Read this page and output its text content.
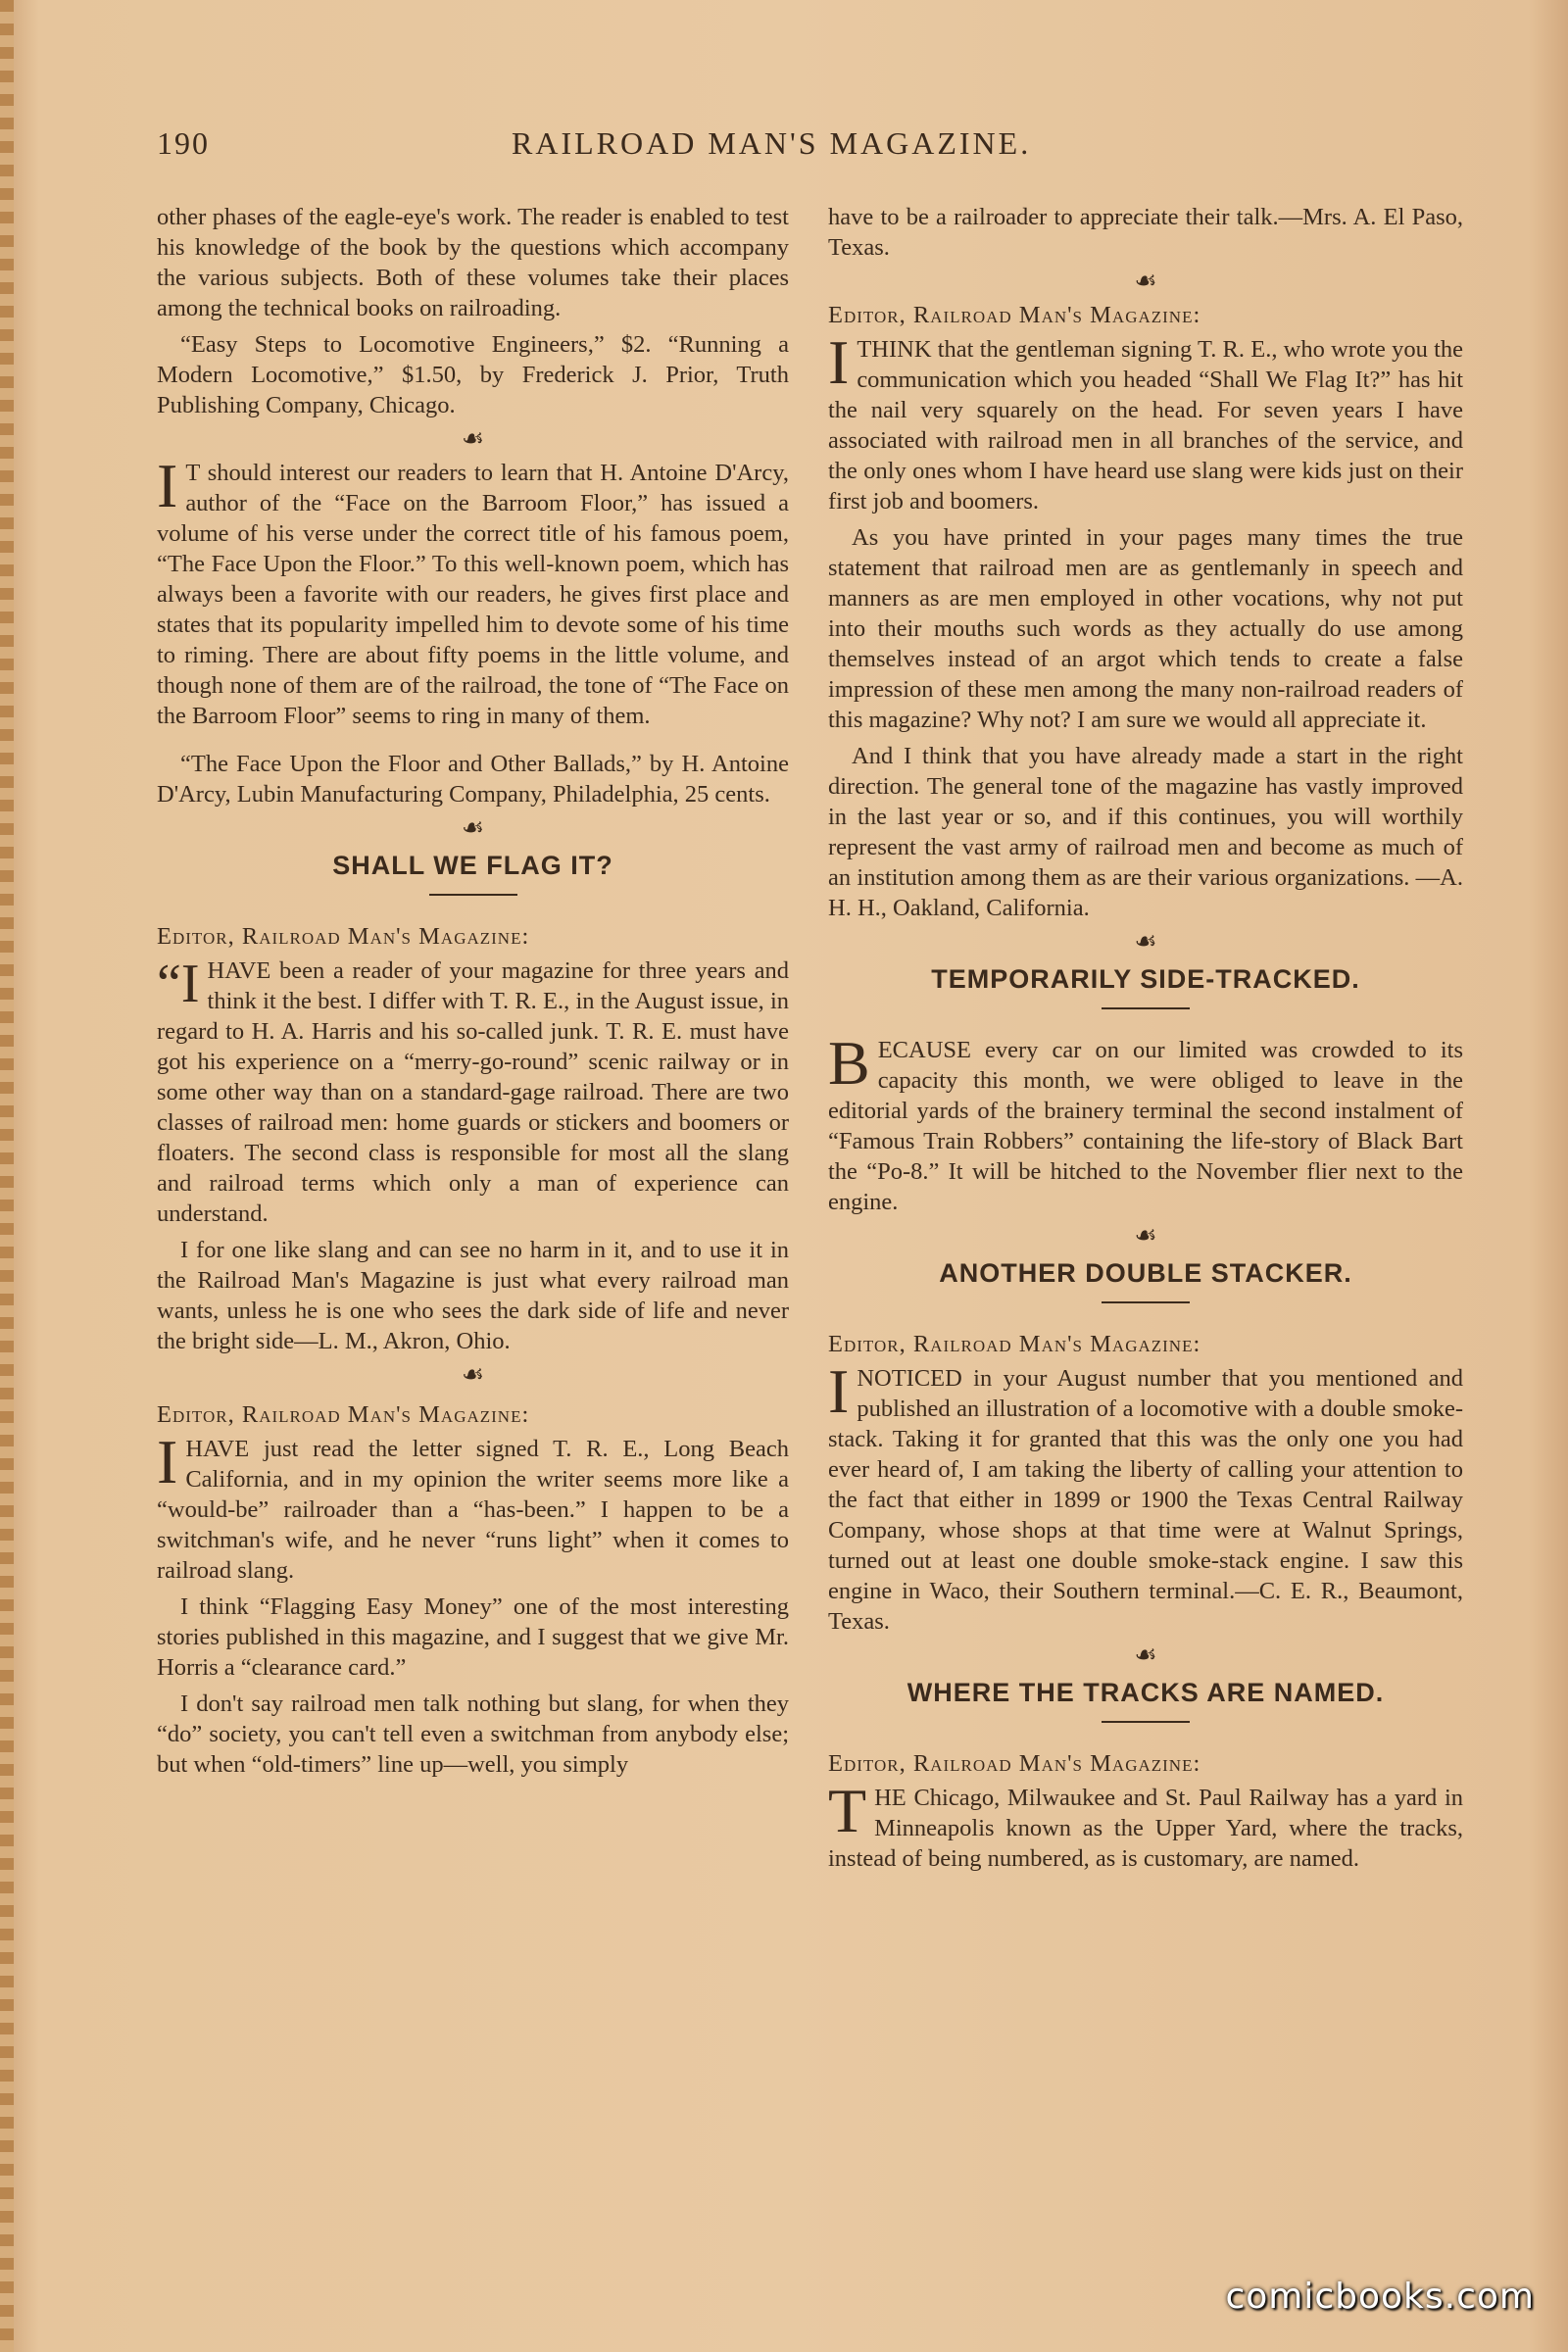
190	RAILROAD MAN'S MAGAZINE.

other phases of the eagle-eye's work. The reader is enabled to test his knowledge of the book by the questions which accompany the various subjects. Both of these volumes take their places among the technical books on railroading.

“Easy Steps to Locomotive Engineers,” $2. “Running a Modern Locomotive,” $1.50, by Frederick J. Prior, Truth Publishing Company, Chicago.

☙

I T should interest our readers to learn that H. Antoine D'Arcy, author of the “Face on the Barroom Floor,” has issued a volume of his verse under the correct title of his famous poem, “The Face Upon the Floor.” To this well-known poem, which has always been a favorite with our readers, he gives first place and states that its popularity impelled him to devote some of his time to riming. There are about fifty poems in the little volume, and though none of them are of the railroad, the tone of “The Face on the Barroom Floor” seems to ring in many of them.

“The Face Upon the Floor and Other Ballads,” by H. Antoine D'Arcy, Lubin Manufacturing Company, Philadelphia, 25 cents.

☙
SHALL WE FLAG IT?
Editor, Railroad Man's Magazine:

“IHAVE been a reader of your magazine for three years and think it the best. I differ with T. R. E., in the August issue, in regard to H. A. Harris and his so-called junk. T. R. E. must have got his experience on a “merry-go-round” scenic railway or in some other way than on a standard-gage railroad. There are two classes of railroad men: home guards or stickers and boomers or floaters. The second class is responsible for most all the slang and railroad terms which only a man of experience can understand.

I for one like slang and can see no harm in it, and to use it in the Railroad Man's Magazine is just what every railroad man wants, unless he is one who sees the dark side of life and never the bright side—L. M., Akron, Ohio.

☙
Editor, Railroad Man's Magazine:

IHAVE just read the letter signed T. R. E., Long Beach California, and in my opinion the writer seems more like a “would-be” railroader than a “has-been.” I happen to be a switchman's wife, and he never “runs light” when it comes to railroad slang.

I think “Flagging Easy Money” one of the most interesting stories published in this magazine, and I suggest that we give Mr. Horris a “clearance card.”

I don't say railroad men talk nothing but slang, for when they “do” society, you can't tell even a switchman from anybody else; but when “old-timers” line up—well, you simply

have to be a railroader to appreciate their talk.—Mrs. A. El Paso, Texas.

☙
Editor, Railroad Man's Magazine:

ITHINK that the gentleman signing T. R. E., who wrote you the communication which you headed “Shall We Flag It?” has hit the nail very squarely on the head. For seven years I have associated with railroad men in all branches of the service, and the only ones whom I have heard use slang were kids just on their first job and boomers.

As you have printed in your pages many times the true statement that railroad men are as gentlemanly in speech and manners as are men employed in other vocations, why not put into their mouths such words as they actually do use among themselves instead of an argot which tends to create a false impression of these men among the many non-railroad readers of this magazine? Why not? I am sure we would all appreciate it.

And I think that you have already made a start in the right direction. The general tone of the magazine has vastly improved in the last year or so, and if this continues, you will worthily represent the vast army of railroad men and become as much of an institution among them as are their various organizations. —A. H. H., Oakland, California.

☙
TEMPORARILY SIDE-TRACKED.

BECAUSE every car on our limited was crowded to its capacity this month, we were obliged to leave in the editorial yards of the brainery terminal the second instalment of “Famous Train Robbers” containing the life-story of Black Bart the “Po-8.” It will be hitched to the November flier next to the engine.

☙
ANOTHER DOUBLE STACKER.
Editor, Railroad Man's Magazine:

INOTICED in your August number that you mentioned and published an illustration of a locomotive with a double smoke-stack. Taking it for granted that this was the only one you had ever heard of, I am taking the liberty of calling your attention to the fact that either in 1899 or 1900 the Texas Central Railway Company, whose shops at that time were at Walnut Springs, turned out at least one double smoke-stack engine. I saw this engine in Waco, their Southern terminal.—C. E. R., Beaumont, Texas.

☙
WHERE THE TRACKS ARE NAMED.
Editor, Railroad Man's Magazine:

THE Chicago, Milwaukee and St. Paul Railway has a yard in Minneapolis known as the Upper Yard, where the tracks, instead of being numbered, as is customary, are named.

comicbooks.com
